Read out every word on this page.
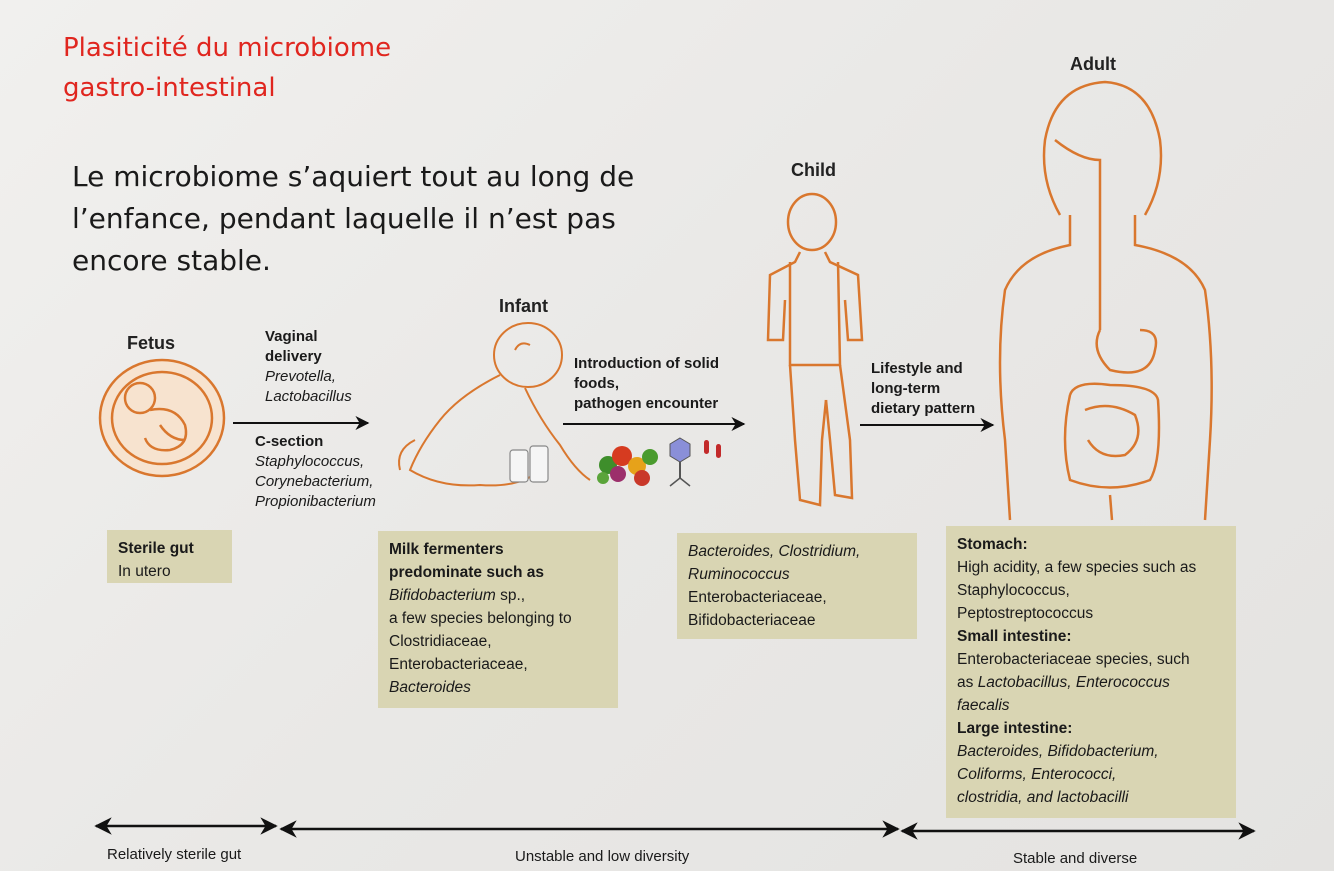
Plasiticité du microbiome
gastro-intestinal
Le microbiome s’aquiert tout au long de
l’enfance, pendant laquelle il n’est pas
encore stable.
Fetus
Infant
Child
Adult
Vaginal
delivery
Prevotella,
Lactobacillus
C-section
Staphylococcus,
Corynebacterium,
Propionibacterium
Introduction of solid
foods,
pathogen encounter
Lifestyle and
long-term
dietary pattern
Sterile gut
In utero
Milk fermenters
predominate such as
Bifidobacterium sp.,
a few species belonging to
Clostridiaceae,
Enterobacteriaceae,
Bacteroides
Bacteroides, Clostridium,
Ruminococcus
Enterobacteriaceae,
Bifidobacteriaceae
Stomach:
High acidity, a few species such as
Staphylococcus,
Peptostreptococcus
Small intestine:
Enterobacteriaceae species, such
as Lactobacillus, Enterococcus
faecalis
Large intestine:
Bacteroides, Bifidobacterium,
Coliforms, Enterococci,
clostridia, and lactobacilli
Relatively sterile gut	Unstable and low diversity	Stable and diverse
